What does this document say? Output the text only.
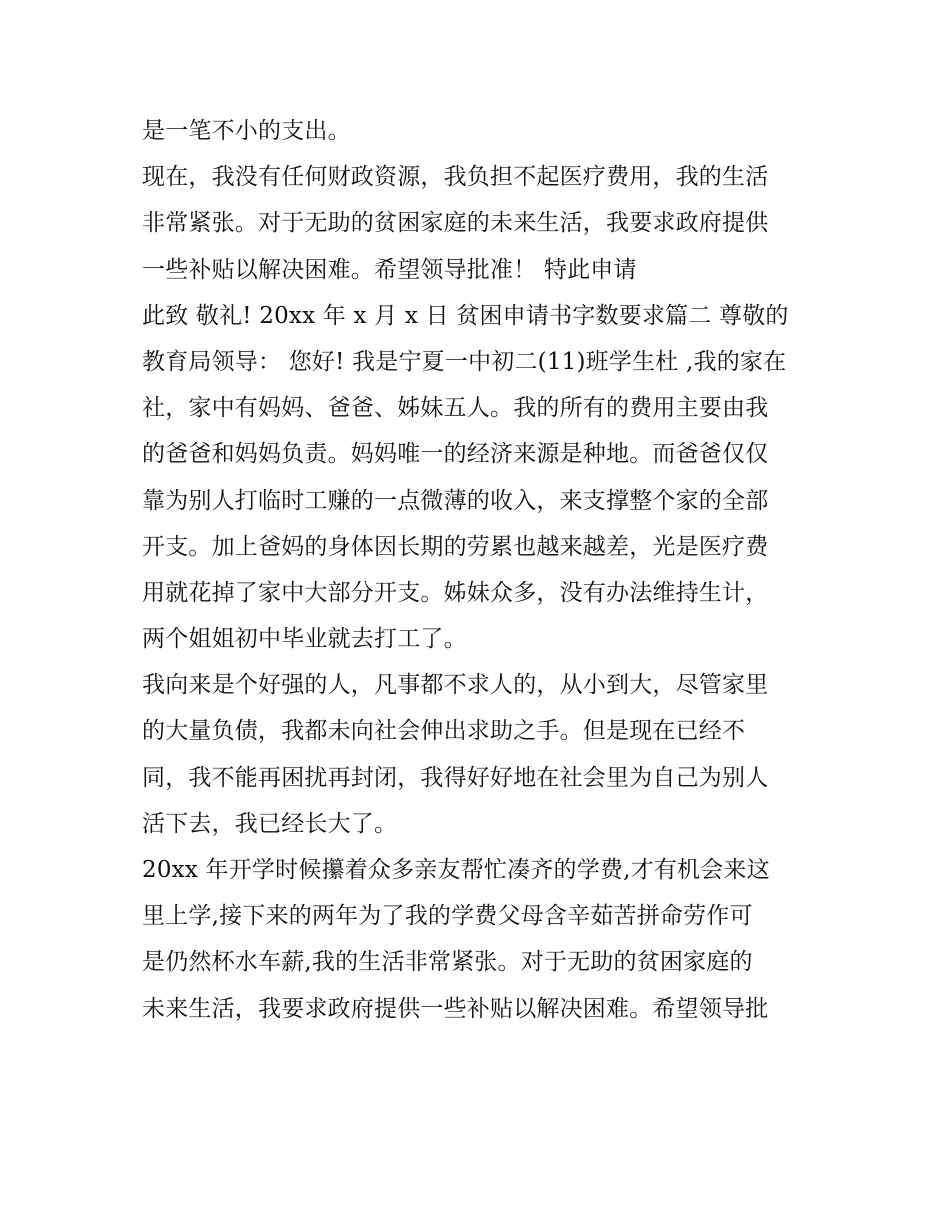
是一笔不小的支出。
现在，我没有任何财政资源，我负担不起医疗费用，我的生活
非常紧张。对于无助的贫困家庭的未来生活，我要求政府提供
一些补贴以解决困难。希望领导批准！ 特此申请
此致 敬礼! 20xx 年 x 月 x 日 贫困申请书字数要求篇二 尊敬的
教育局领导： 您好! 我是宁夏一中初二(11)班学生杜 ,我的家在
社，家中有妈妈、爸爸、姊妹五人。我的所有的费用主要由我
的爸爸和妈妈负责。妈妈唯一的经济来源是种地。而爸爸仅仅
靠为别人打临时工赚的一点微薄的收入，来支撑整个家的全部
开支。加上爸妈的身体因长期的劳累也越来越差，光是医疗费
用就花掉了家中大部分开支。姊妹众多，没有办法维持生计，
两个姐姐初中毕业就去打工了。
我向来是个好强的人，凡事都不求人的，从小到大，尽管家里
的大量负债，我都未向社会伸出求助之手。但是现在已经不
同，我不能再困扰再封闭，我得好好地在社会里为自己为别人
活下去，我已经长大了。
20xx 年开学时候攥着众多亲友帮忙凑齐的学费,才有机会来这
里上学,接下来的两年为了我的学费父母含辛茹苦拼命劳作可
是仍然杯水车薪,我的生活非常紧张。对于无助的贫困家庭的
未来生活，我要求政府提供一些补贴以解决困难。希望领导批
